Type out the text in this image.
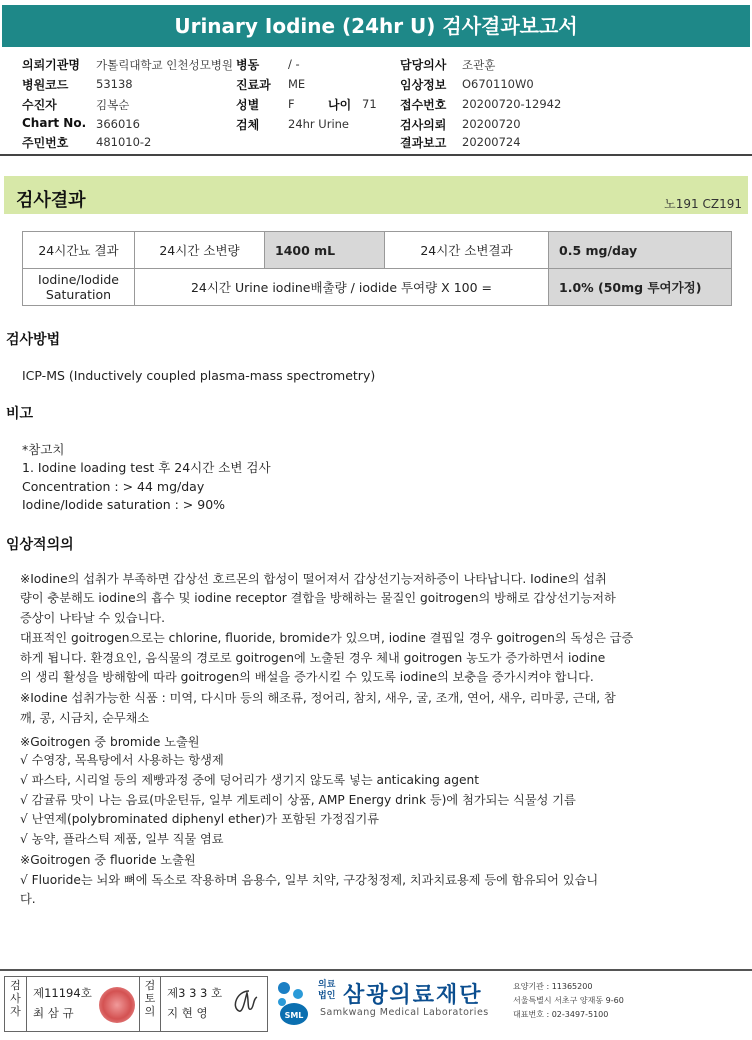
Urinary Iodine (24hr U) 검사결과보고서
의뢰기관명 가톨릭대학교 인천성모병원 병동	/ -	담당의사 조관훈
병원코드 53138	진료과 ME	임상정보 O670110W0
수진자	김복순	성별	F	나이 71 접수번호 20200720-12942
Chart No. 366016	검체	24hr Urine	검사의뢰 20200720
주민번호 481010-2	결과보고 20200724
검사결과	노191 CZ191
24시간뇨 결과	24시간 소변량	1400 mL	24시간 소변결과	0.5 mg/day
Iodine/Iodide Saturation	24시간 Urine iodine배출량 / iodide 투여량 X 100 =			1.0% (50mg 투여가정)
검사방법
ICP-MS (Inductively coupled plasma-mass spectrometry)
비고
*참고치
1. Iodine loading test 후 24시간 소변 검사
Concentration : > 44 mg/day
Iodine/Iodide saturation : > 90%
임상적의의
※Iodine의 섭취가 부족하면 갑상선 호르몬의 합성이 떨어져서 갑상선기능저하증이 나타납니다. Iodine의 섭취
량이 충분해도 iodine의 흡수 및 iodine receptor 결합을 방해하는 물질인 goitrogen의 방해로 갑상선기능저하
증상이 나타날 수 있습니다.
대표적인 goitrogen으로는 chlorine, fluoride, bromide가 있으며, iodine 결핍일 경우 goitrogen의 독성은 급증
하게 됩니다. 환경요인, 음식물의 경로로 goitrogen에 노출된 경우 체내 goitrogen 농도가 증가하면서 iodine
의 생리 활성을 방해함에 따라 goitrogen의 배설을 증가시킬 수 있도록 iodine의 보충을 증가시켜야 합니다.
※Iodine 섭취가능한 식품 : 미역, 다시마 등의 해조류, 정어리, 참치, 새우, 굴, 조개, 연어, 새우, 리마콩, 근대, 참
깨, 콩, 시금치, 순무채소
※Goitrogen 중 bromide 노출원
√ 수영장, 목욕탕에서 사용하는 항생제
√ 파스타, 시리얼 등의 제빵과정 중에 덩어리가 생기지 않도록 넣는 anticaking agent
√ 감귤류 맛이 나는 음료(마운틴듀, 일부 게토레이 상품, AMP Energy drink 등)에 첨가되는 식물성 기름
√ 난연제(polybrominated diphenyl ether)가 포함된 가정집기류
√ 농약, 플라스틱 제품, 일부 직물 염료
※Goitrogen 중 fluoride 노출원
√ Fluoride는 뇌와 뼈에 독소로 작용하며 음용수, 일부 치약, 구강청정제, 치과치료용제 등에 함유되어 있습니
다.
검
사
자
제11194호
최 삼 규
검
토
의
제3 3 3 호
지 현 영	SML
의료
법인 삼광의료재단
Samkwang Medical Laboratories
요양기관 : 11365200
서울특별시 서초구 양재동 9-60
대표번호 : 02-3497-5100
